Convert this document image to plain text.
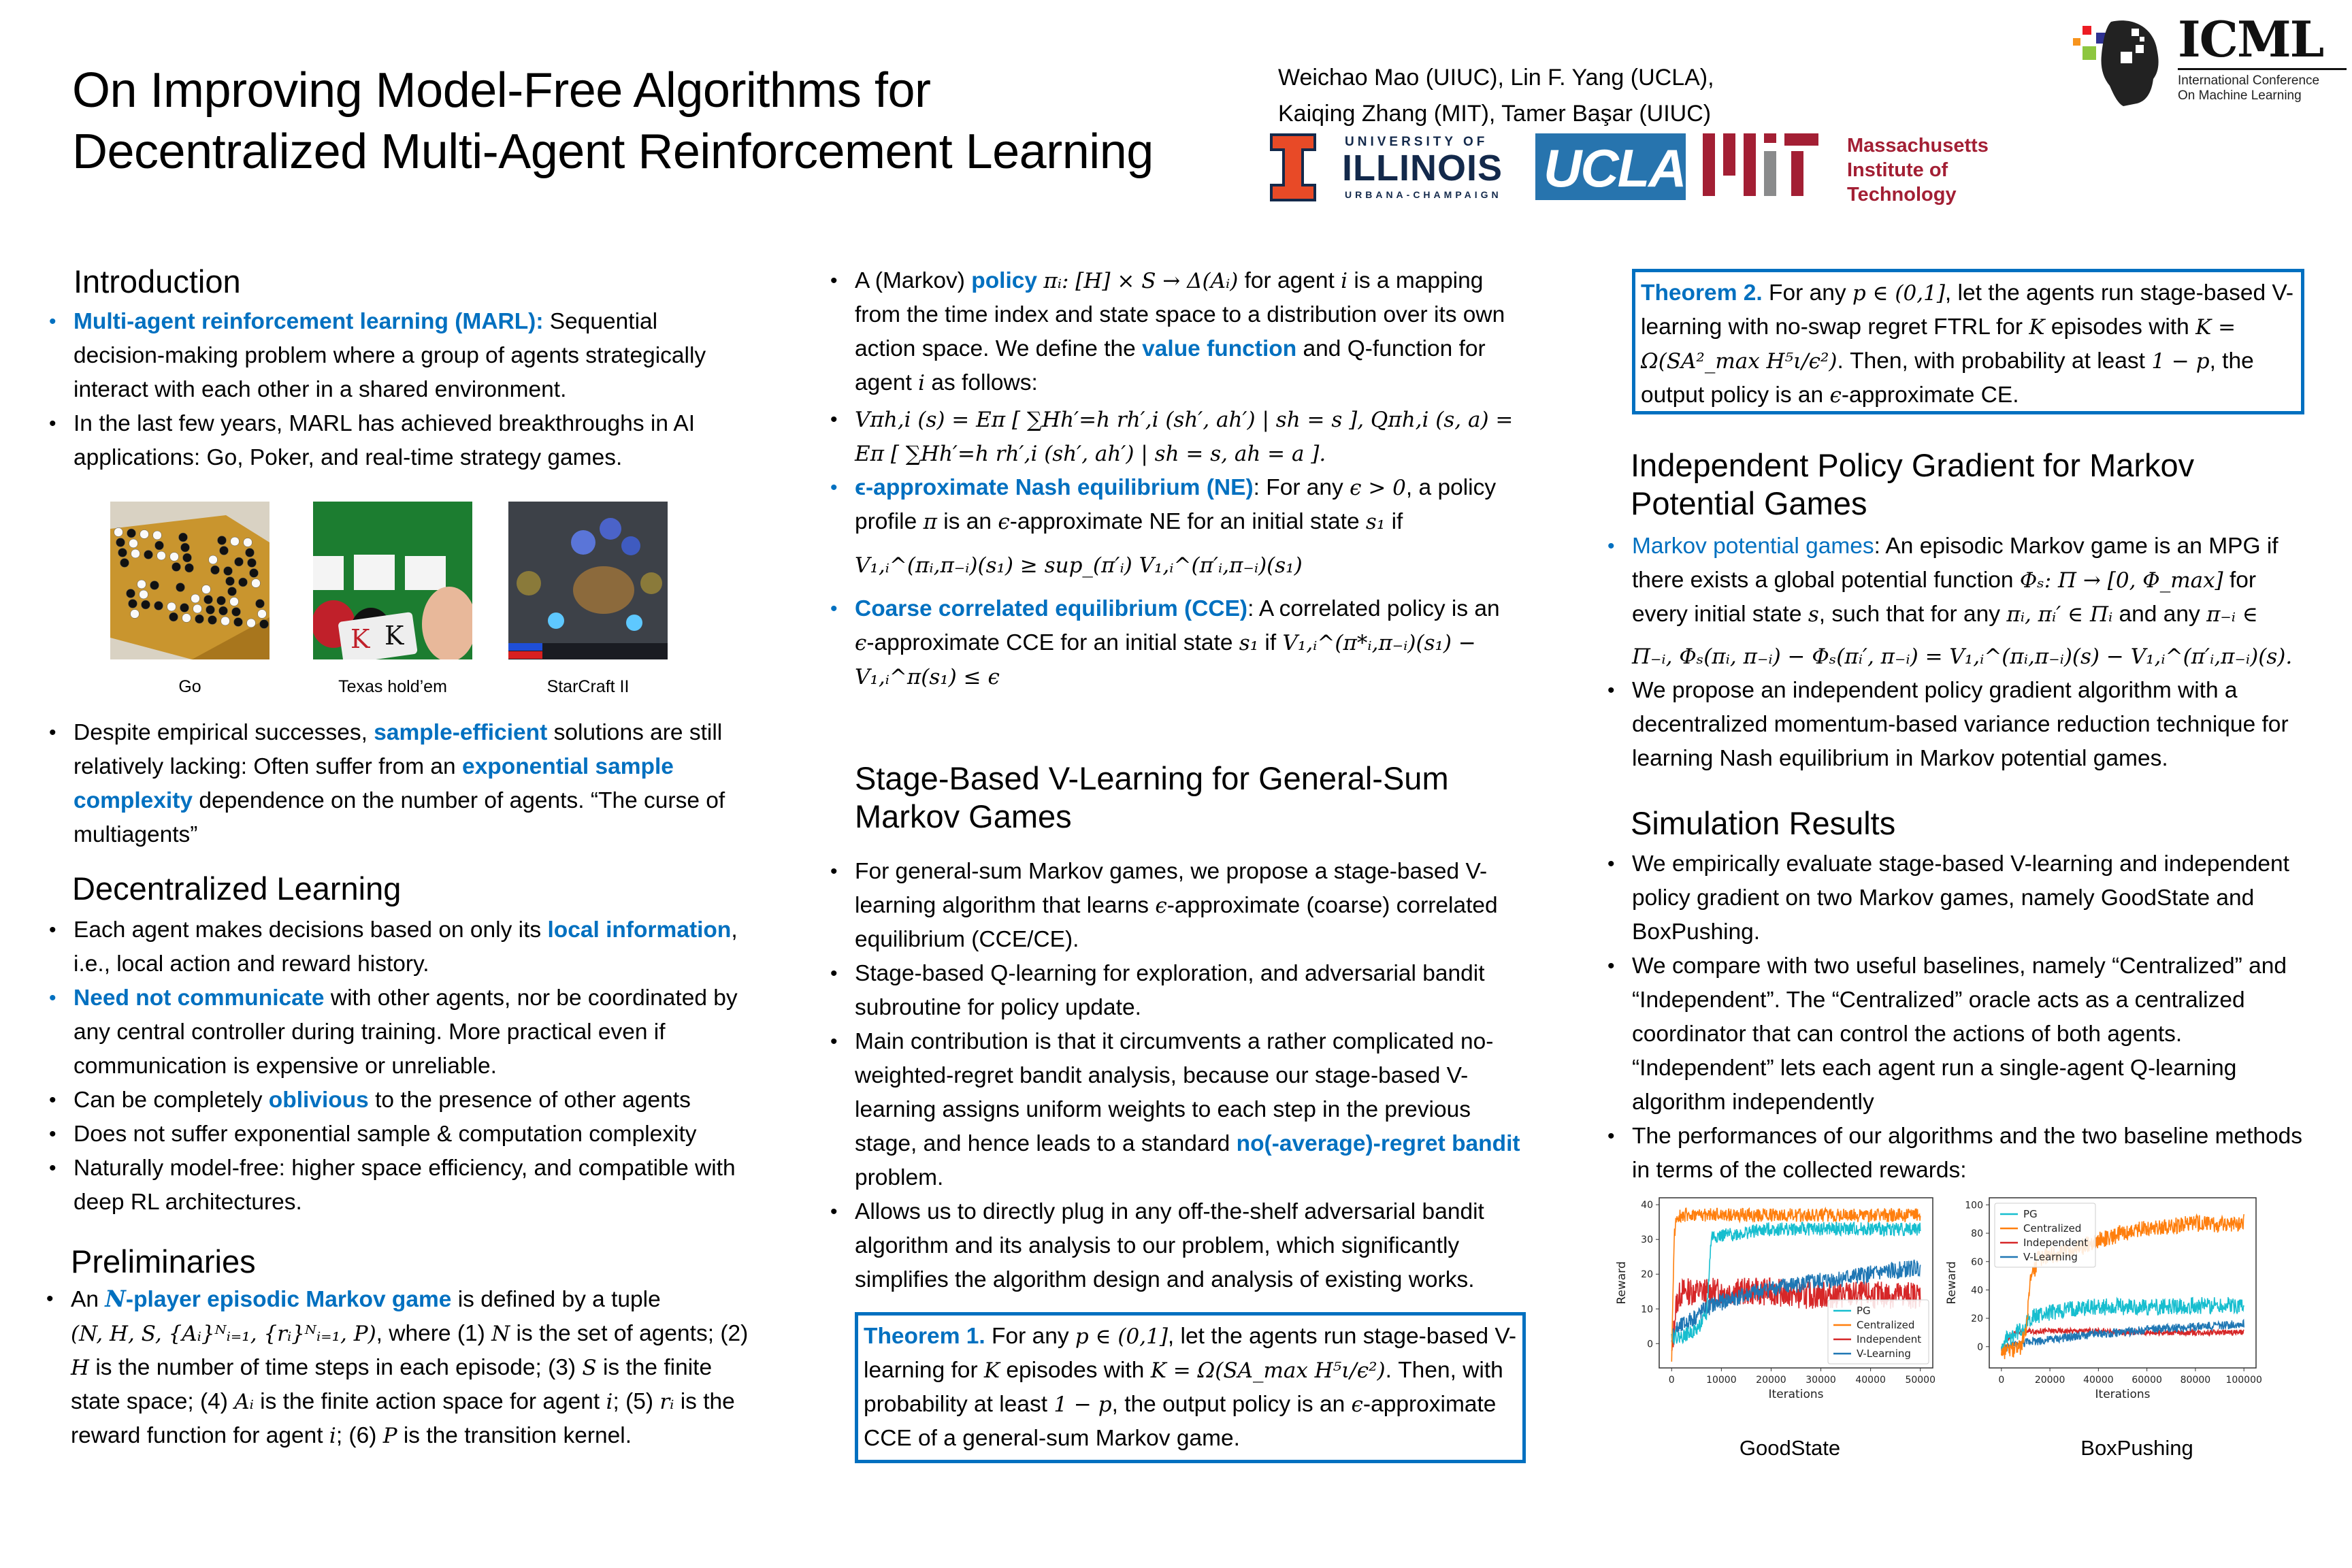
On Improving Model-Free Algorithms for
Decentralized Multi-Agent Reinforcement Learning
Weichao Mao (UIUC), Lin F. Yang (UCLA),
Kaiqing Zhang (MIT), Tamer Başar (UIUC)
UNIVERSITY OF
ILLINOIS
URBANA-CHAMPAIGN UCLA	Massachusetts
Institute of
Technology
ICML
International Conference
On Machine Learning
Introduction
• Multi-agent reinforcement learning (MARL): Sequential decision-making problem where a group of agents strategically interact with each other in a shared environment.
• In the last few years, MARL has achieved breakthroughs in AI applications: Go, Poker, and real-time strategy games.
K K
Go	Texas hold’em	StarCraft II
• Despite empirical successes, sample-efficient solutions are still relatively lacking: Often suffer from an exponential sample complexity dependence on the number of agents. “The curse of multiagents”
Decentralized Learning
• Each agent makes decisions based on only its local information, i.e., local action and reward history.
• Need not communicate with other agents, nor be coordinated by any central controller during training. More practical even if communication is expensive or unreliable.
• Can be completely oblivious to the presence of other agents
• Does not suffer exponential sample & computation complexity
• Naturally model-free: higher space efficiency, and compatible with deep RL architectures.
Preliminaries
• An N-player episodic Markov game is defined by a tuple
(N, H, S, {Aᵢ}ᴺᵢ₌₁, {rᵢ}ᴺᵢ₌₁, P), where (1) N is the set of agents; (2) H is the number of time steps in each episode; (3) S is the finite state space; (4) Aᵢ is the finite action space for agent i; (5) rᵢ is the reward function for agent i; (6) P is the transition kernel.
• A (Markov) policy πᵢ: [H] × S → Δ(Aᵢ) for agent i is a mapping from the time index and state space to a distribution over its own action space. We define the value function and Q-function for agent i as follows:
• Vπh,i (s) = Eπ [ ∑Hh′=h rh′,i (sh′, ah′) | sh = s ], Qπh,i (s, a) =
Eπ [ ∑Hh′=h rh′,i (sh′, ah′) | sh = s, ah = a ].
• ϵ-approximate Nash equilibrium (NE): For any ϵ > 0, a policy profile π is an ϵ-approximate NE for an initial state s₁ if
V₁,ᵢ^(πᵢ,π₋ᵢ)(s₁) ≥ sup_(π′ᵢ) V₁,ᵢ^(π′ᵢ,π₋ᵢ)(s₁)
• Coarse correlated equilibrium (CCE): A correlated policy is an ϵ-approximate CCE for an initial state s₁ if V₁,ᵢ^(π*ᵢ,π₋ᵢ)(s₁) −
V₁,ᵢ^π(s₁) ≤ ϵ
Stage-Based V-Learning for General-Sum Markov Games
• For general-sum Markov games, we propose a stage-based V-learning algorithm that learns ϵ-approximate (coarse) correlated equilibrium (CCE/CE).
• Stage-based Q-learning for exploration, and adversarial bandit subroutine for policy update.
• Main contribution is that it circumvents a rather complicated no-weighted-regret bandit analysis, because our stage-based V-learning assigns uniform weights to each step in the previous stage, and hence leads to a standard no(-average)-regret bandit problem.
• Allows us to directly plug in any off-the-shelf adversarial bandit algorithm and its analysis to our problem, which significantly simplifies the algorithm design and analysis of existing works.
Theorem 1. For any p ∈ (0,1], let the agents run stage-based V-learning for K episodes with K = Ω(SA_max H⁵ι/ϵ²). Then, with probability at least 1 − p, the output policy is an ϵ-approximate CCE of a general-sum Markov game.
Theorem 2. For any p ∈ (0,1], let the agents run stage-based V-learning with no-swap regret FTRL for K episodes with K = Ω(SA²_max H⁵ι/ϵ²). Then, with probability at least 1 − p, the output policy is an ϵ-approximate CE.
Independent Policy Gradient for Markov Potential Games
• Markov potential games: An episodic Markov game is an MPG if there exists a global potential function Φₛ: Π → [0, Φ_max] for every initial state s, such that for any πᵢ, πᵢ′ ∈ Πᵢ and any π₋ᵢ ∈
Π₋ᵢ, Φₛ(πᵢ, π₋ᵢ) − Φₛ(πᵢ′, π₋ᵢ) = V₁,ᵢ^(πᵢ,π₋ᵢ)(s) − V₁,ᵢ^(π′ᵢ,π₋ᵢ)(s).
• We propose an independent policy gradient algorithm with a decentralized momentum-based variance reduction technique for learning Nash equilibrium in Markov potential games.
Simulation Results
• We empirically evaluate stage-based V-learning and independent policy gradient on two Markov games, namely GoodState and BoxPushing.
• We compare with two useful baselines, namely “Centralized” and “Independent”. The “Centralized” oracle acts as a centralized coordinator that can control the actions of both agents. “Independent” lets each agent run a single-agent Q-learning algorithm independently
• The performances of our algorithms and the two baseline methods in terms of the collected rewards:
0	10000 20000 30000 40000 50000
0
10
20
30
40
Iterations
Reward
PG
Centralized
Independent
V-Learning
0	20000 40000 60000 80000 100000
0
20
40
60
80
100
Iterations
Reward
PG
Centralized
Independent
V-Learning
GoodState	BoxPushing
